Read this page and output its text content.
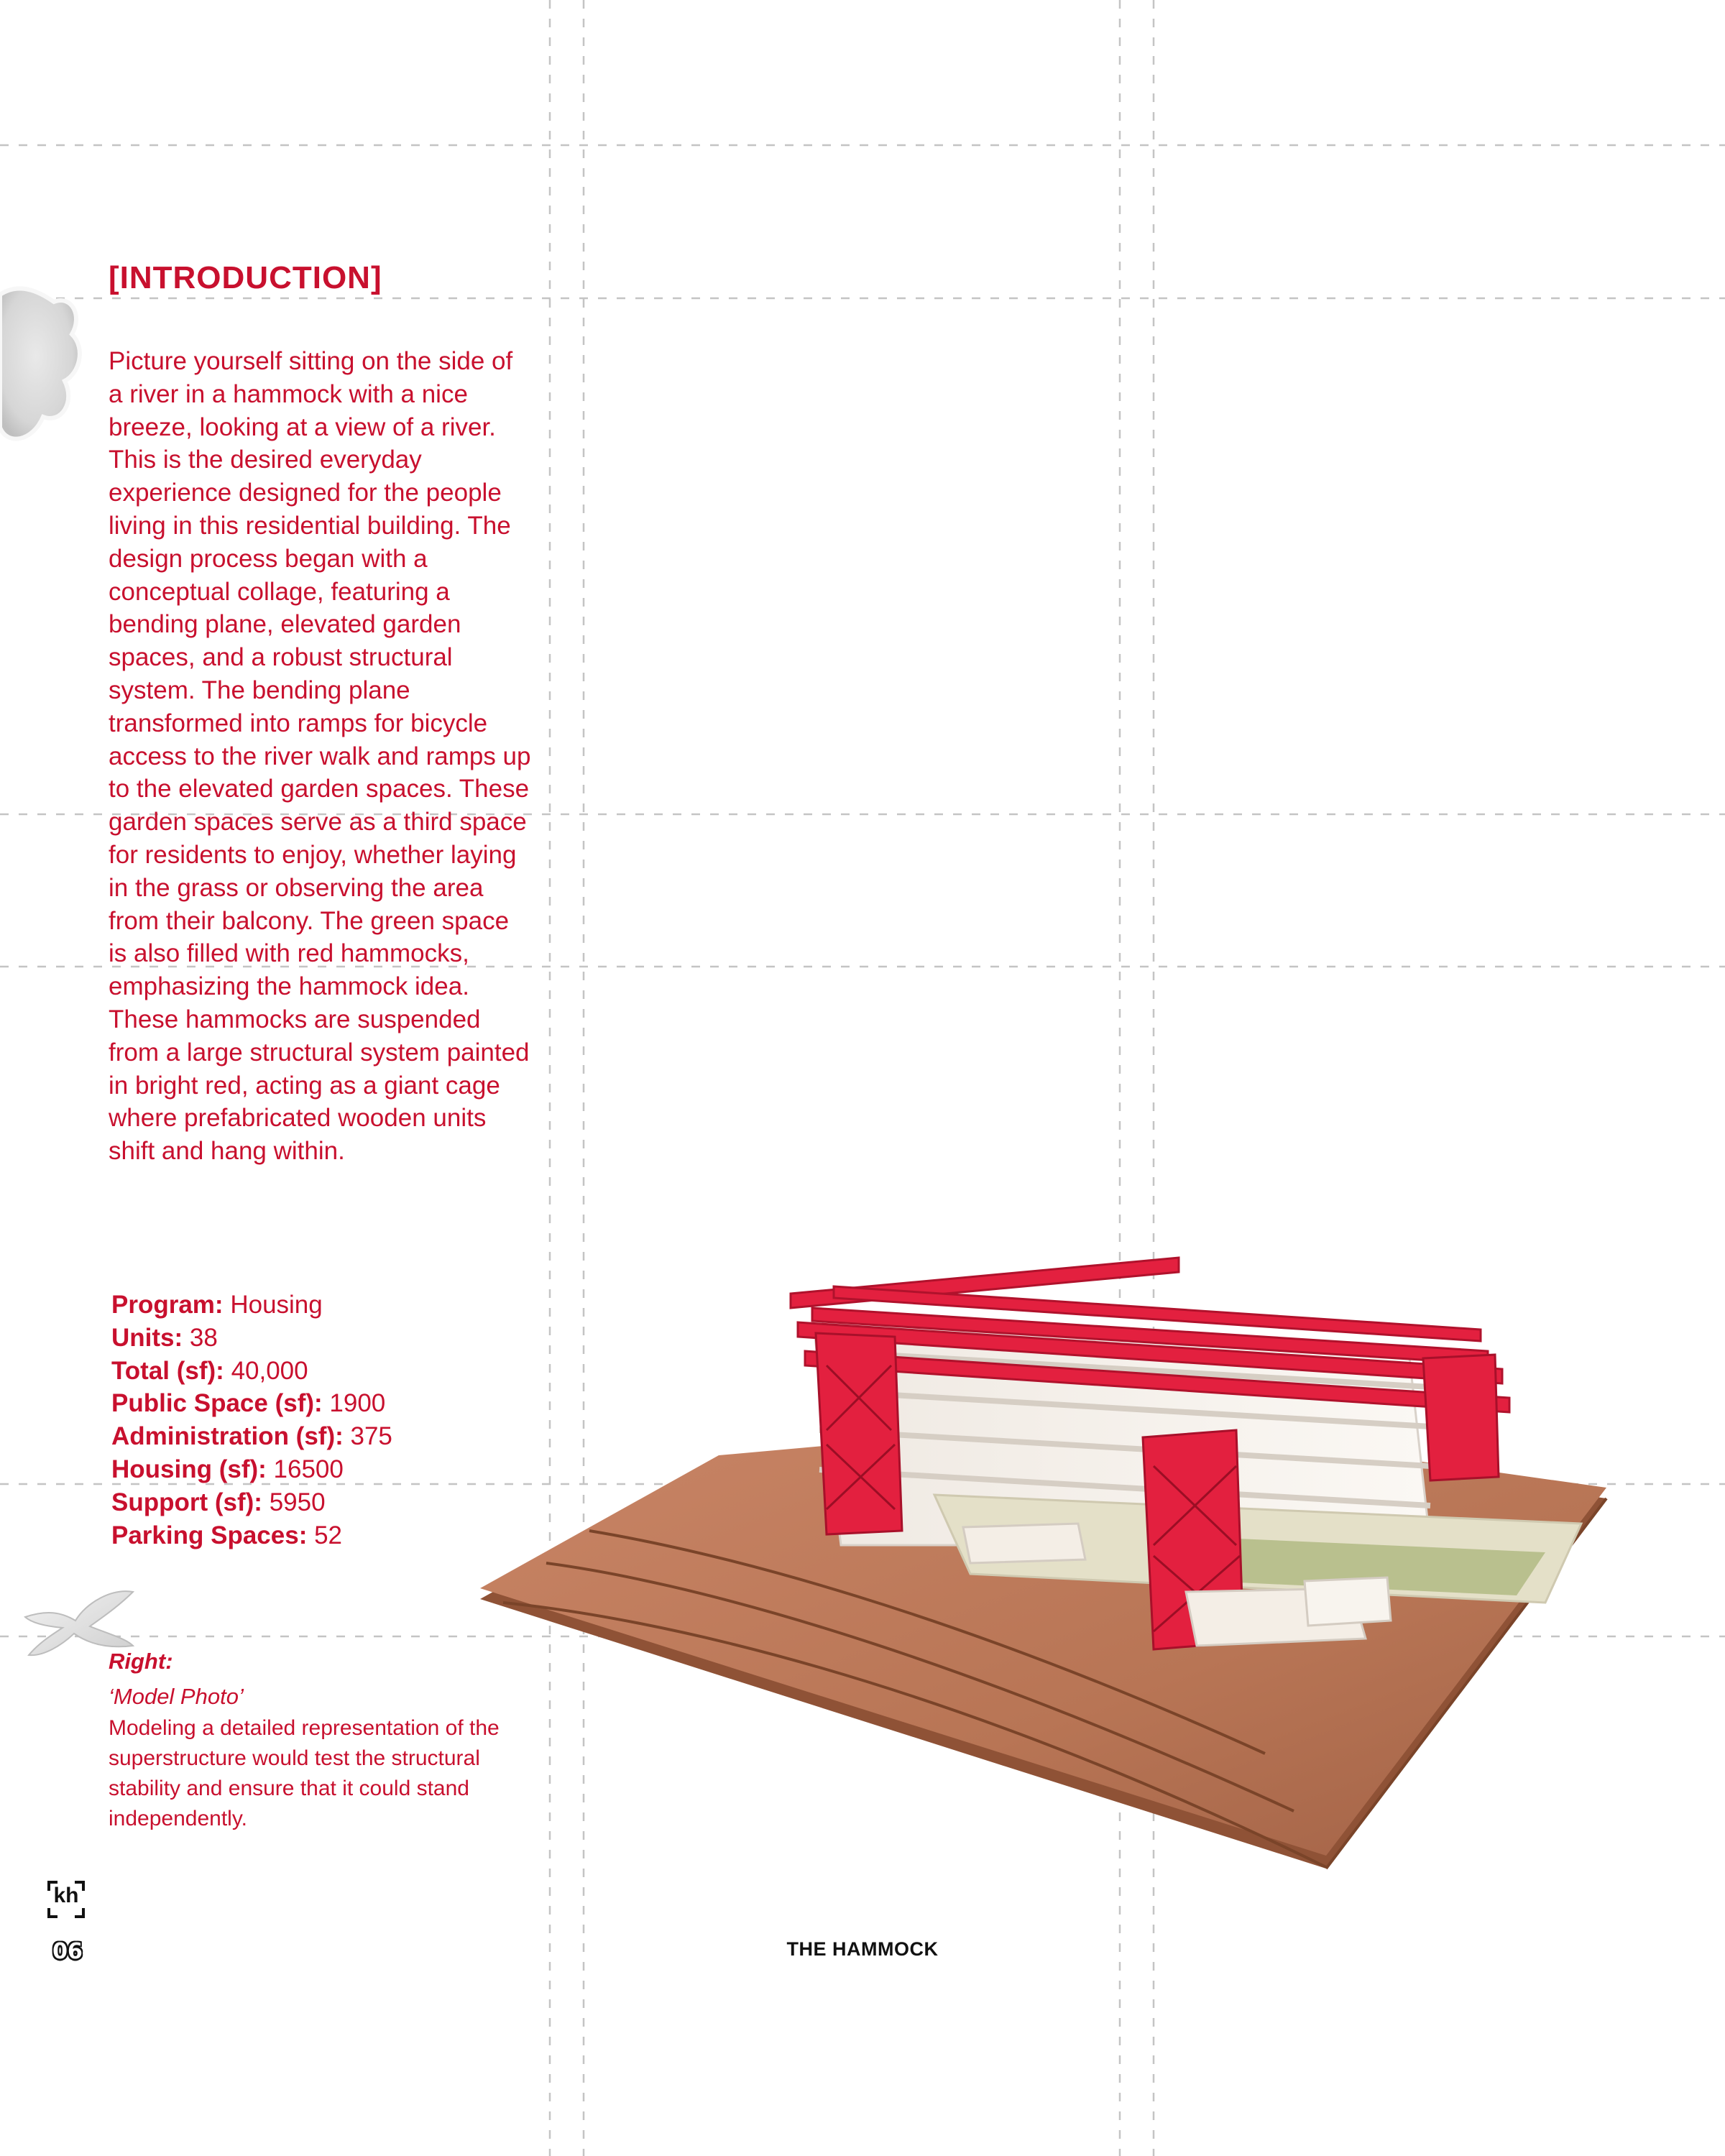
[INTRODUCTION]

Picture yourself sitting on the side of a river in a hammock with a nice breeze, looking at a view of a river. This is the desired everyday experience designed for the people living in this residential building. The design process began with a conceptual collage, featuring a bending plane, elevated garden spaces, and a robust structural system. The bending plane transformed into ramps for bicycle access to the river walk and ramps up to the elevated garden spaces. These garden spaces serve as a third space for residents to enjoy, whether laying in the grass or observing the area from their balcony. The green space is also filled with red hammocks, emphasizing the hammock idea. These hammocks are suspended from a large structural system painted in bright red, acting as a giant cage where prefabricated wooden units shift and hang within.

Program: Housing
Units: 38
Total (sf): 40,000
Public Space (sf): 1900
Administration (sf): 375
Housing (sf): 16500
Support (sf): 5950
Parking Spaces: 52

Right:

‘Model Photo’

Modeling a detailed representation of the superstructure would test the structural stability and ensure that it could stand independently.

kh
06	THE HAMMOCK
